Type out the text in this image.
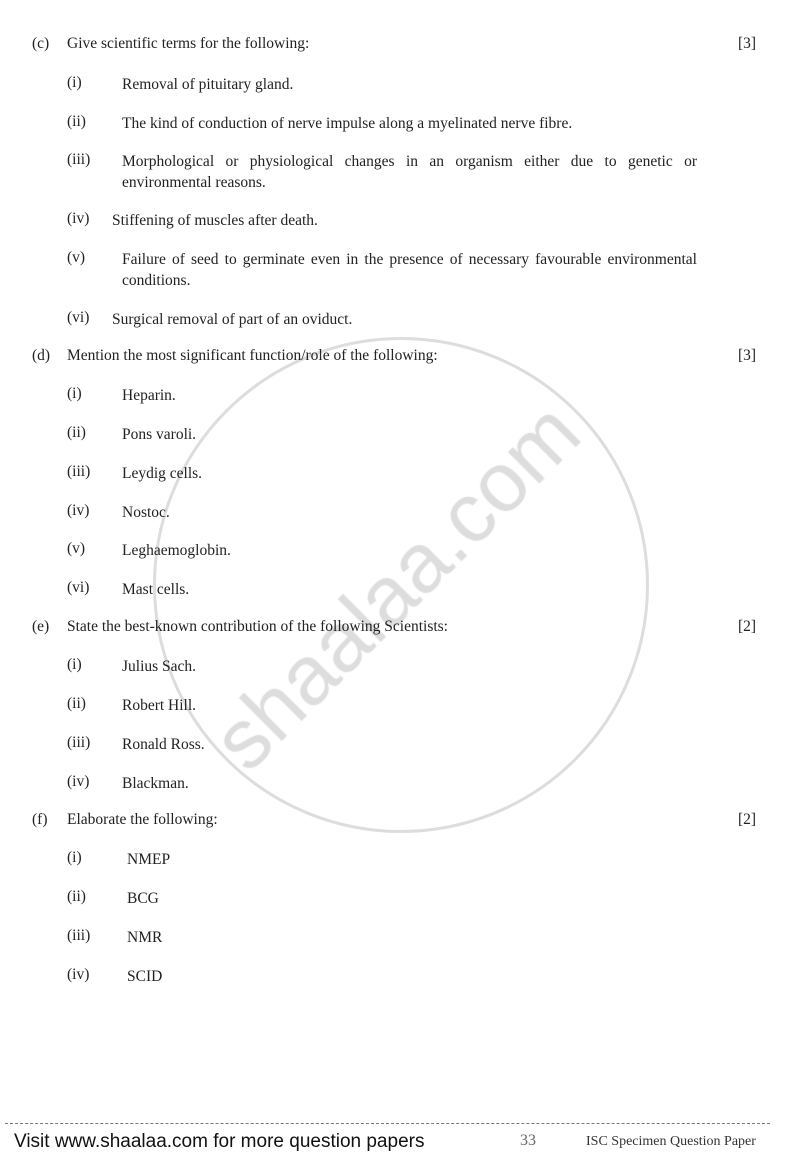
(c) Give scientific terms for the following:	[3]
(i)	Removal of pituitary gland.
(ii) The kind of conduction of nerve impulse along a myelinated nerve fibre.
(iii) Morphological or physiological changes in an organism either due to genetic or environmental reasons.
(iv) Stiffening of muscles after death.
(v) Failure of seed to germinate even in the presence of necessary favourable environmental conditions.
(vi) Surgical removal of part of an oviduct.
(d) Mention the most significant function/role of the following:	[3]
(i)	Heparin.
(ii) Pons varoli.
(iii) Leydig cells.
(iv) Nostoc.
(v) Leghaemoglobin.
(vi) Mast cells.
(e) State the best-known contribution of the following Scientists:	[2]
(i)	Julius Sach.
(ii) Robert Hill.
(iii) Ronald Ross.
(iv) Blackman.
(f) Elaborate the following:	[2]
(i)	NMEP
(ii)	BCG
(iii) NMR
(iv) SCID
Visit www.shaalaa.com for more question papers	33	ISC Specimen Question Paper
